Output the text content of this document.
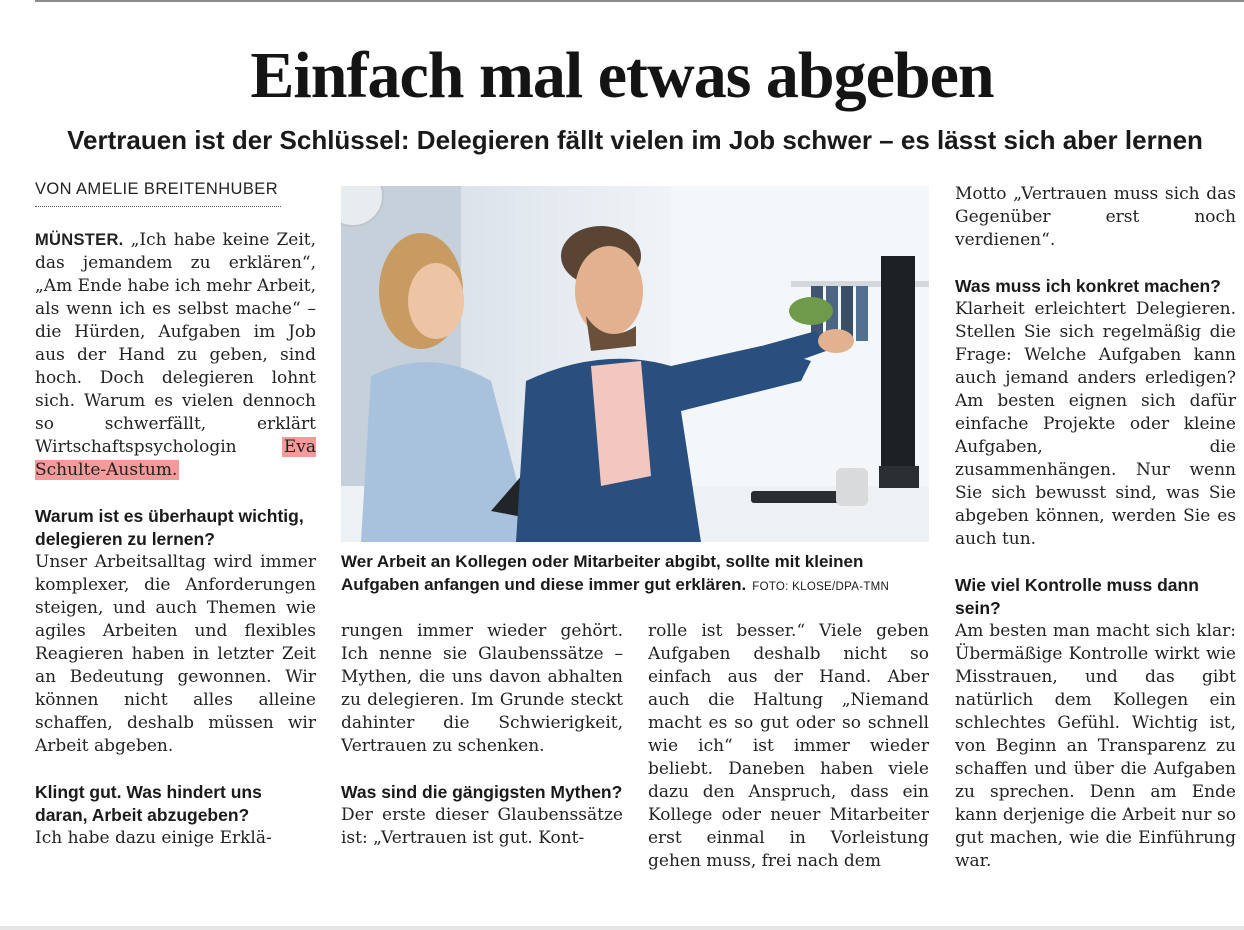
Einfach mal etwas abgeben
Vertrauen ist der Schlüssel: Delegieren fällt vielen im Job schwer – es lässt sich aber lernen
VON AMELIE BREITENHUBER

MÜNSTER. „Ich habe keine Zeit, das jemandem zu erklären“, „Am Ende habe ich mehr Arbeit, als wenn ich es selbst mache“ – die Hürden, Aufgaben im Job aus der Hand zu geben, sind hoch. Doch delegieren lohnt sich. Warum es vielen dennoch so schwerfällt, erklärt Wirtschaftspsychologin Eva Schulte-Austum.

Warum ist es überhaupt wichtig, delegieren zu lernen?

Unser Arbeitsalltag wird immer komplexer, die Anforderungen steigen, und auch Themen wie agiles Arbeiten und flexibles Reagieren haben in letzter Zeit an Bedeutung gewonnen. Wir können nicht alles alleine schaffen, deshalb müssen wir Arbeit abgeben.

Klingt gut. Was hindert uns daran, Arbeit abzugeben?

Ich habe dazu einige Erklä-

Wer Arbeit an Kollegen oder Mitarbeiter abgibt, sollte mit kleinen Aufgaben anfangen und diese immer gut erklären. FOTO: KLOSE/DPA-TMN

rungen immer wieder gehört. Ich nenne sie Glaubenssätze – Mythen, die uns davon abhalten zu delegieren. Im Grunde steckt dahinter die Schwierigkeit, Vertrauen zu schenken.

Was sind die gängigsten Mythen?

Der erste dieser Glaubenssätze ist: „Vertrauen ist gut. Kont-

rolle ist besser.“ Viele geben Aufgaben deshalb nicht so einfach aus der Hand. Aber auch die Haltung „Niemand macht es so gut oder so schnell wie ich“ ist immer wieder beliebt. Daneben haben viele dazu den Anspruch, dass ein Kollege oder neuer Mitarbeiter erst einmal in Vorleistung gehen muss, frei nach dem

Motto „Vertrauen muss sich das Gegenüber erst noch verdienen“.

Was muss ich konkret machen?

Klarheit erleichtert Delegieren. Stellen Sie sich regelmäßig die Frage: Welche Aufgaben kann auch jemand anders erledigen? Am besten eignen sich dafür einfache Projekte oder kleine Aufgaben, die zusammenhängen. Nur wenn Sie sich bewusst sind, was Sie abgeben können, werden Sie es auch tun.

Wie viel Kontrolle muss dann sein?

Am besten man macht sich klar: Übermäßige Kontrolle wirkt wie Misstrauen, und das gibt natürlich dem Kollegen ein schlechtes Gefühl. Wichtig ist, von Beginn an Transparenz zu schaffen und über die Aufgaben zu sprechen. Denn am Ende kann derjenige die Arbeit nur so gut machen, wie die Einführung war.
